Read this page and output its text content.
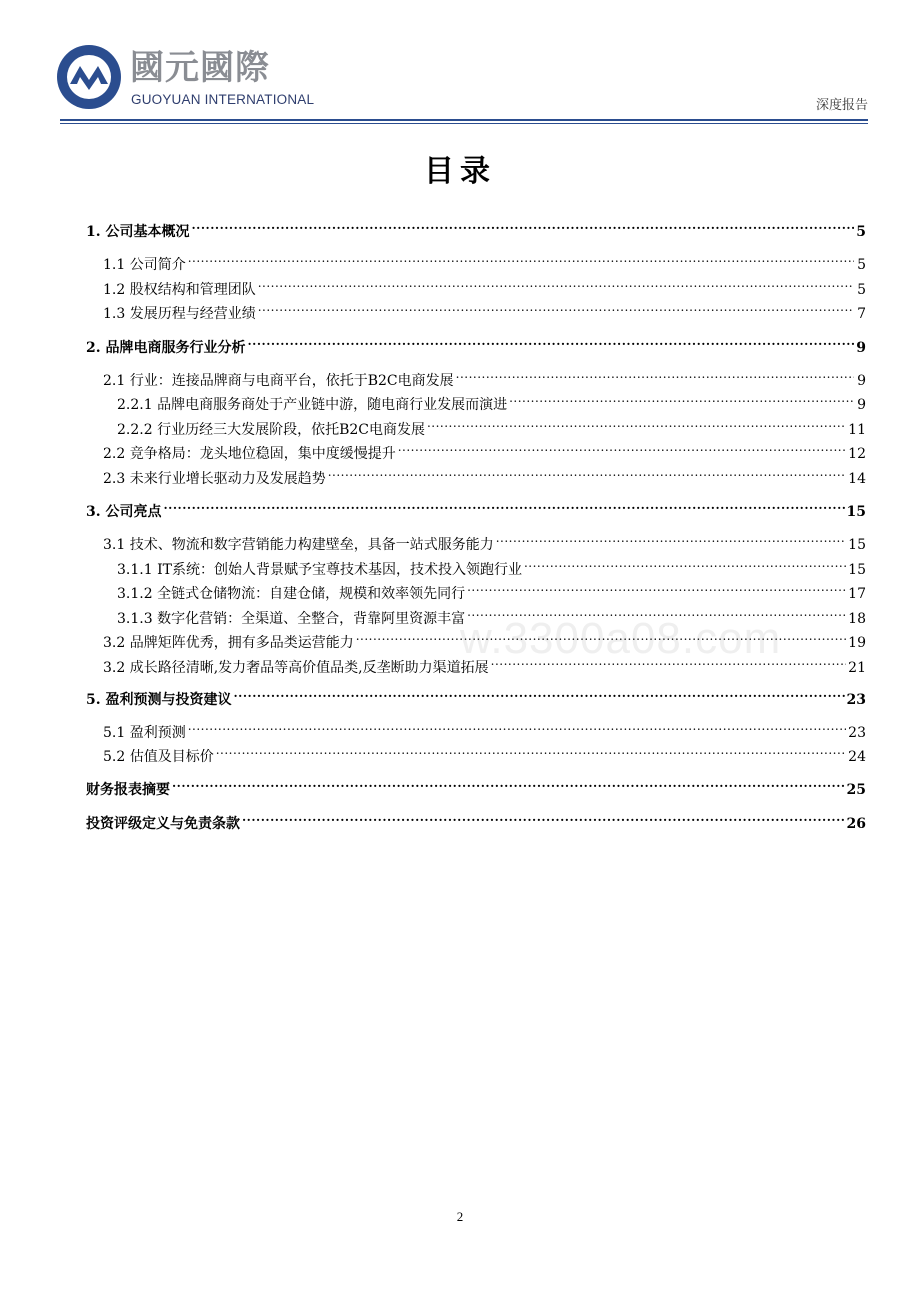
國元國際
GUOYUAN INTERNATIONAL	深度报告
目录
1. 公司基本概况 .....	5
1.1 公司简介 .....	5
1.2 股权结构和管理团队 .....	5
1.3 发展历程与经营业绩 .....	7
2. 品牌电商服务行业分析 .....	9
2.1 行业：连接品牌商与电商平台，依托于B2C电商发展 .....	9
2.2.1 品牌电商服务商处于产业链中游，随电商行业发展而演进 .....	9
2.2.2 行业历经三大发展阶段，依托B2C电商发展 .....	11
2.2 竞争格局：龙头地位稳固，集中度缓慢提升 .....	12
2.3 未来行业增长驱动力及发展趋势 .....	14
3. 公司亮点 .....	15
3.1 技术、物流和数字营销能力构建壁垒，具备一站式服务能力 .....	15
3.1.1 IT系统：创始人背景赋予宝尊技术基因，技术投入领跑行业 .....	15
3.1.2 全链式仓储物流：自建仓储，规模和效率领先同行 .....	17
3.1.3 数字化营销：全渠道、全整合，背靠阿里资源丰富 .....	18
3.2 品牌矩阵优秀，拥有多品类运营能力 .....	19
3.2 成长路径清晰,发力奢品等高价值品类,反垄断助力渠道拓展 .....	21
5. 盈利预测与投资建议 .....	23
5.1 盈利预测 .....	23
5.2 估值及目标价 .....	24
财务报表摘要 .....	25
投资评级定义与免责条款 .....	26
w.3300a08.com
2
